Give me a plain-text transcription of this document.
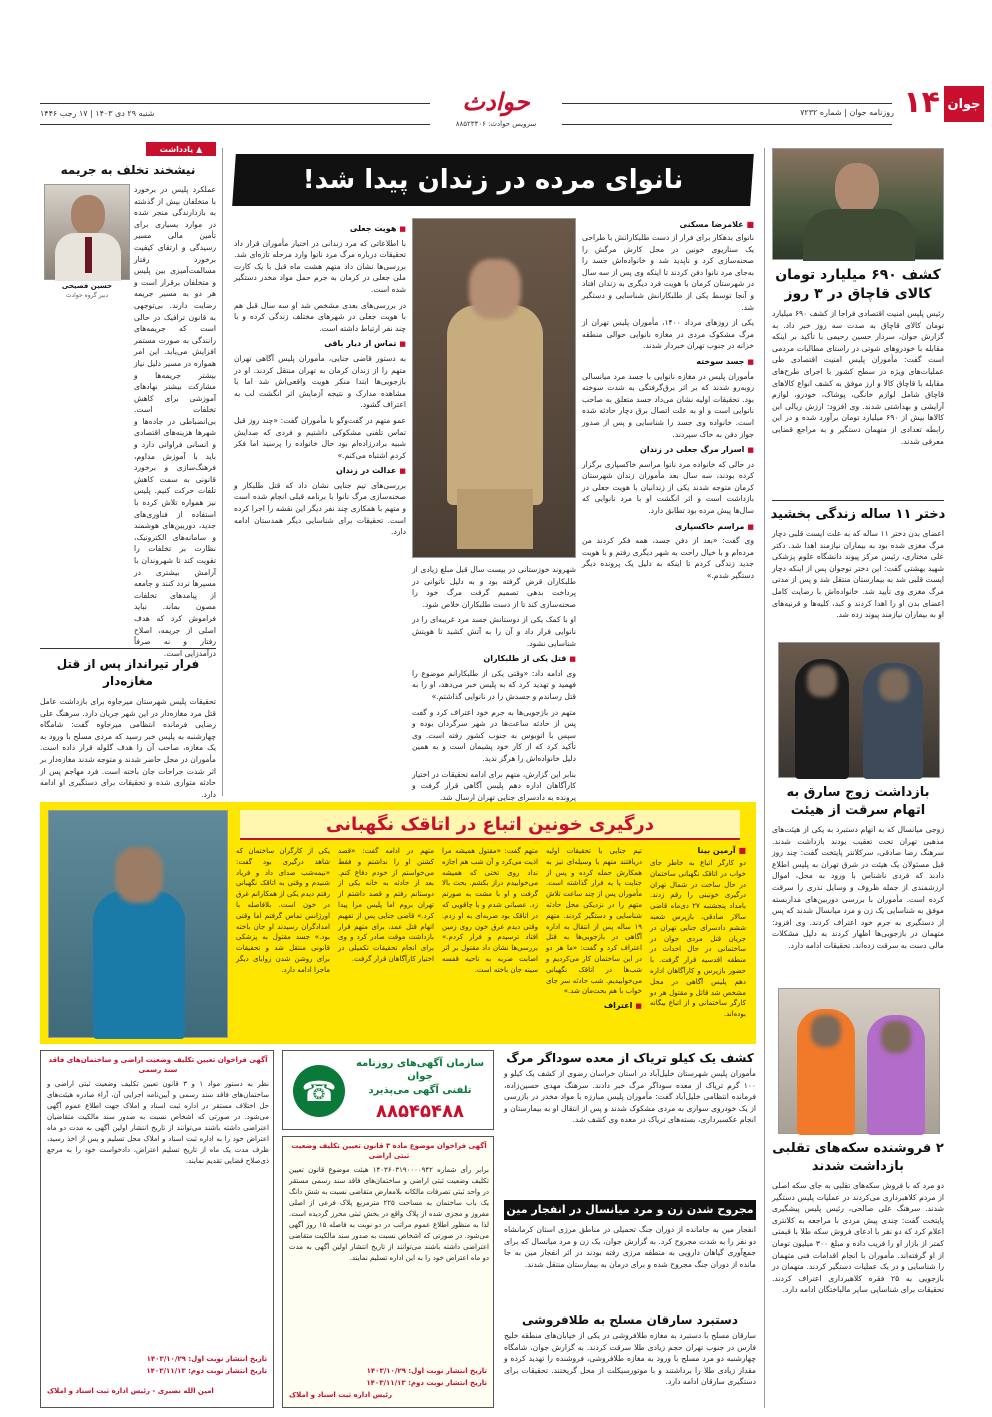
جوان
۱۴
روزنامه جوان | شماره ۷۲۳۲
حوادث
سرویس حوادث: ۸۸۵۲۳۴۰۶
شنبه ۲۹ دی ۱۴۰۳ | ۱۷ رجب ۱۴۴۶
کشف ۶۹۰ میلیارد تومان کالای قاچاق در ۳ روز
رئیس پلیس امنیت اقتصادی فراجا از کشف ۶۹۰ میلیارد تومان کالای قاچاق به صدت سه روز خبر داد. به گزارش جوان، سردار حسین رحیمی با تأکید بر اینکه مقابله با خودروهای شوتی در راستای مطالبات مردمی است گفت: مأموران پلیس امنیت اقتصادی طی عملیات‌های ویژه در سطح کشور با اجرای طرح‌های مقابله با قاچاق کالا و ارز موفق به کشف انواع کالاهای قاچاق شامل لوازم خانگی، پوشاک، خودرو، لوازم آرایشی و بهداشتی شدند. وی افزود: ارزش ریالی این کالاها بیش از ۶۹۰ میلیارد تومان برآورد شده و در این رابطه تعدادی از متهمان دستگیر و به مراجع قضایی معرفی شدند.
دختر ۱۱ ساله زندگی بخشید
اعضای بدن دختر ۱۱ ساله که به علت ایست قلبی دچار مرگ مغزی شده بود به بیماران نیازمند اهدا شد. دکتر علی مختاری، رئیس مرکز پیوند دانشگاه علوم پزشکی شهید بهشتی گفت: این دختر نوجوان پس از اینکه دچار ایست قلبی شد به بیمارستان منتقل شد و پس از مدتی مرگ مغزی وی تأیید شد. خانواده‌اش با رضایت کامل اعضای بدن او را اهدا کردند و کبد، کلیه‌ها و قرنیه‌های او به بیماران نیازمند پیوند زده شد.
بازداشت زوج سارق به اتهام سرقت از هیئت
زوجی میانسال که به اتهام دستبرد به یکی از هیئت‌های مذهبی تهران تحت تعقیب بودند بازداشت شدند. سرهنگ رضا صادقی، سرکلانتر پایتخت گفت: چند روز قبل مسئولان یک هیئت در شرق تهران به پلیس اطلاع دادند که فردی ناشناس با ورود به محل، اموال ارزشمندی از جمله ظروف و وسایل نذری را سرقت کرده است. مأموران با بررسی دوربین‌های مداربسته موفق به شناسایی یک زن و مرد میانسال شدند که پس از دستگیری به جرم خود اعتراف کردند. وی افزود: متهمان در بازجویی‌ها اظهار کردند به دلیل مشکلات مالی دست به سرقت زده‌اند. تحقیقات ادامه دارد.
۲ فروشنده سکه‌های تقلبی بازداشت شدند
دو مرد که با فروش سکه‌های تقلبی به جای سکه اصلی از مردم کلاهبرداری می‌کردند در عملیات پلیس دستگیر شدند. سرهنگ علی صالحی، رئیس پلیس پیشگیری پایتخت گفت: چندی پیش مردی با مراجعه به کلانتری اعلام کرد که دو نفر با ادعای فروش سکه طلا با قیمتی کمتر از بازار او را فریب داده و مبلغ ۳۰۰ میلیون تومان از او گرفته‌اند. مأموران با انجام اقدامات فنی متهمان را شناسایی و در یک عملیات دستگیر کردند. متهمان در بازجویی به ۲۵ فقره کلاهبرداری اعتراف کردند. تحقیقات برای شناسایی سایر مالباختگان ادامه دارد.
نانوای مرده در زندان پیدا شد!
■ غلامرضا مسکنی

نانوای بدهکار برای فرار از دست طلبکارانش با طراحی یک سناریوی خونین در محل کارش مرگش را صحنه‌سازی کرد و ناپدید شد و خانواده‌اش جسد را به‌جای مرد نانوا دفن کردند تا اینکه وی پس از سه سال در شهرستان کرمان با هویت فرد دیگری به زندان افتاد و آنجا توسط یکی از طلبکارانش شناسایی و دستگیر شد.

یکی از روزهای مرداد ۱۴۰۰، مأموران پلیس تهران از مرگ مشکوک مردی در مغازه نانوایی حوالی منطقه خزانه در جنوب تهران خبردار شدند.

■ جسد سوخته

مأموران پلیس در مغازه نانوایی با جسد مرد میانسالی روبه‌رو شدند که بر اثر برق‌گرفتگی به شدت سوخته بود. تحقیقات اولیه نشان می‌داد جسد متعلق به صاحب نانوایی است و او به علت اتصال برق دچار حادثه شده است. خانواده وی جسد را شناسایی و پس از صدور جواز دفن به خاک سپردند.

■ اسرار مرگ جعلی در زندان

در حالی که خانواده مرد نانوا مراسم خاکسپاری برگزار کرده بودند، سه سال بعد مأموران زندان شهرستان کرمان متوجه شدند یکی از زندانیان با هویت جعلی در بازداشت است و اثر انگشت او با مرد نانوایی که سال‌ها پیش مرده بود تطابق دارد.

■ مراسم خاکسپاری

وی گفت: «بعد از دفن جسد، همه فکر کردند من مرده‌ام و با خیال راحت به شهر دیگری رفتم و با هویت جدید زندگی کردم تا اینکه به دلیل یک پرونده دیگر دستگیر شدم.»

شهروند خوزستانی در بیست سال قبل مبلغ زیادی از طلبکاران قرض گرفته بود و به دلیل ناتوانی در پرداخت بدهی تصمیم گرفت مرگ خود را صحنه‌سازی کند تا از دست طلبکاران خلاص شود.

او با کمک یکی از دوستانش جسد مرد غریبه‌ای را در نانوایی قرار داد و آن را به آتش کشید تا هویتش شناسایی نشود.

■ قتل یکی از طلبکاران

وی ادامه داد: «وقتی یکی از طلبکارانم موضوع را فهمید و تهدید کرد که به پلیس خبر می‌دهد، او را به قتل رساندم و جسدش را در نانوایی گذاشتم.»

متهم در بازجویی‌ها به جرم خود اعتراف کرد و گفت پس از حادثه ساعت‌ها در شهر سرگردان بوده و سپس با اتوبوس به جنوب کشور رفته است. وی تأکید کرد که از کار خود پشیمان است و به همین دلیل خانواده‌اش را هرگز ندید.

بنابر این گزارش، متهم برای ادامه تحقیقات در اختیار کارآگاهان اداره دهم پلیس آگاهی قرار گرفت و پرونده به دادسرای جنایی تهران ارسال شد.

■ هویت جعلی

با اطلاعاتی که مرد زندانی در اختیار مأموران قرار داد تحقیقات درباره مرگ مرد نانوا وارد مرحله تازه‌ای شد. بررسی‌ها نشان داد متهم هشت ماه قبل با یک کارت ملی جعلی در کرمان به جرم حمل مواد مخدر دستگیر شده است.

در بررسی‌های بعدی مشخص شد او سه سال قبل هم با هویت جعلی در شهرهای مختلف زندگی کرده و با چند نفر ارتباط داشته است.

■ تماس از دیار باقی

به دستور قاضی جنایی، مأموران پلیس آگاهی تهران متهم را از زندان کرمان به تهران منتقل کردند. او در بازجویی‌ها ابتدا منکر هویت واقعی‌اش شد اما با مشاهده مدارک و نتیجه آزمایش اثر انگشت لب به اعتراف گشود.

عمو متهم در گفت‌وگو با مأموران گفت: «چند روز قبل تماس تلفنی مشکوکی داشتیم و فردی که صدایش شبیه برادرزاده‌ام بود حال خانواده را پرسید اما فکر کردم اشتباه می‌کنم.»

■ عدالت در زندان

بررسی‌های تیم جنایی نشان داد که قتل طلبکار و صحنه‌سازی مرگ نانوا با برنامه قبلی انجام شده است و متهم با همکاری چند نفر دیگر این نقشه را اجرا کرده است. تحقیقات برای شناسایی دیگر همدستان ادامه دارد.

▲
یادداشت
نیشخند تخلف به جریمه
حسین فصیحی
دبیر گروه حوادث
عملکرد پلیس در برخورد با متخلفان بیش از گذشته به بازدارندگی منجر شده در موارد بسیاری برای تأمین مالی مسیر رسیدگی و ارتقای کیفیت برخورد رفتار مسالمت‌آمیزی بین پلیس و متخلفان برقرار است و هر دو به مسیر جریمه رضایت دارند. بی‌توجهی به قانون ترافیک در حالی است که جریمه‌های رانندگی به صورت مستمر افزایش می‌یابد. این امر همواره در مسیر دلیل نیاز بیشتر جریمه‌ها و مشارکت بیشتر نهادهای آموزشی برای کاهش تخلفات است. بی‌انضباطی در جاده‌ها و شهرها هزینه‌های اقتصادی و انسانی فراوانی دارد و باید با آموزش مداوم، فرهنگ‌سازی و برخورد قانونی به سمت کاهش تلفات حرکت کنیم. پلیس نیز همواره تلاش کرده با استفاده از فناوری‌های جدید، دوربین‌های هوشمند و سامانه‌های الکترونیک، نظارت بر تخلفات را تقویت کند تا شهروندان با آرامش بیشتری در مسیرها تردد کنند و جامعه از پیامدهای تخلفات مصون بماند. نباید فراموش کرد که هدف اصلی از جریمه، اصلاح رفتار و نه صرفاً درآمدزایی است.
فرار تیرانداز پس از قتل مغازه‌دار
تحقیقات پلیس شهرستان میرجاوه برای بازداشت عامل قتل مرد مغازه‌دار در این شهر جریان دارد. سرهنگ علی رضایی فرمانده انتظامی میرجاوه گفت: شامگاه چهارشنبه به پلیس خبر رسید که مردی مسلح با ورود به یک مغازه، صاحب آن را هدف گلوله قرار داده است. مأموران در محل حاضر شدند و متوجه شدند مغازه‌دار بر اثر شدت جراحات جان باخته است. فرد مهاجم پس از حادثه متواری شده و تحقیقات برای دستگیری او ادامه دارد.
درگیری خونین اتباع در اتاقک نگهبانی
■ آرمین بینا
دو کارگر اتباع به خاطر جای خواب در اتاقک نگهبانی ساختمان در حال ساخت در شمال تهران درگیری خونینی را رقم زدند. بامداد پنجشنبه ۲۷ دی‌ماه قاضی سالار صادقی، بازپرس شعبه ششم دادسرای جنایی تهران در جریان قتل مردی جوان در ساختمانی در حال احداث در منطقه اقدسیه قرار گرفت. با حضور بازپرس و کارآگاهان اداره دهم پلیس آگاهی در محل مشخص شد قاتل و مقتول هر دو کارگر ساختمانی و از اتباع بیگانه بوده‌اند.

تیم جنایی با تحقیقات اولیه دریافتند متهم با وسیله‌ای تیز به همکارش حمله کرده و پس از جنایت پا به فرار گذاشته است. مأموران پس از چند ساعت تلاش متهم را در نزدیکی محل حادثه شناسایی و دستگیر کردند. متهم ۱۹ ساله پس از انتقال به اداره آگاهی در بازجویی‌ها به قتل اعتراف کرد و گفت: «ما هر دو در این ساختمان کار می‌کردیم و شب‌ها در اتاقک نگهبانی می‌خوابیدیم. شب حادثه سر جای خواب با هم بحث‌مان شد.»

■ اعتراف
متهم گفت: «مقتول همیشه مرا اذیت می‌کرد و آن شب هم اجازه نداد روی تختی که همیشه می‌خوابیدم دراز بکشم. بحث بالا گرفت و او با مشت به صورتم زد. عصبانی شدم و با چاقویی که در اتاقک بود ضربه‌ای به او زدم. وقتی دیدم غرق خون روی زمین افتاد ترسیدم و فرار کردم.» بررسی‌ها نشان داد مقتول بر اثر اصابت ضربه به ناحیه قفسه سینه جان باخته است.
متهم در ادامه گفت: «قصد کشتن او را نداشتم و فقط می‌خواستم از خودم دفاع کنم. بعد از حادثه به خانه یکی از دوستانم رفتم و قصد داشتم از تهران بروم اما پلیس مرا پیدا کرد.» قاضی جنایی پس از تفهیم اتهام قتل عمد، برای متهم قرار بازداشت موقت صادر کرد و وی برای انجام تحقیقات تکمیلی در اختیار کارآگاهان قرار گرفت.
یکی از کارگران ساختمان که شاهد درگیری بود گفت: «نیمه‌شب صدای داد و فریاد شنیدم و وقتی به اتاقک نگهبانی رفتم دیدم یکی از همکارانم غرق در خون است. بلافاصله با اورژانس تماس گرفتم اما وقتی امدادگران رسیدند او جان باخته بود.» جسد مقتول به پزشکی قانونی منتقل شد و تحقیقات برای روشن شدن زوایای دیگر ماجرا ادامه دارد.
کشف یک کیلو تریاک از معده سوداگر مرگ
مأموران پلیس شهرستان خلیل‌آباد در استان خراسان رضوی از کشف یک کیلو و ۱۰۰ گرم تریاک از معده سوداگر مرگ خبر دادند. سرهنگ مهدی حسین‌زاده، فرمانده انتظامی خلیل‌آباد گفت: مأموران پلیس مبارزه با مواد مخدر در بازرسی از یک خودروی سواری به مردی مشکوک شدند و پس از انتقال او به بیمارستان و انجام عکسبرداری، بسته‌های تریاک در معده وی کشف شد.
مجروح شدن زن و مرد میانسال در انفجار مین
انفجار مین به جامانده از دوران جنگ تحمیلی در مناطق مرزی استان کرمانشاه دو نفر را به شدت مجروح کرد. به گزارش جوان، یک زن و مرد میانسال که برای جمع‌آوری گیاهان دارویی به منطقه مرزی رفته بودند در اثر انفجار مین به جا مانده از دوران جنگ مجروح شده و برای درمان به بیمارستان منتقل شدند.
دستبرد سارقان مسلح به طلافروشی
سارقان مسلح با دستبرد به مغازه طلافروشی در یکی از خیابان‌های منطقه خلیج فارس در جنوب تهران حجم زیادی طلا سرقت کردند. به گزارش جوان، شامگاه چهارشنبه دو مرد مسلح با ورود به مغازه طلافروشی، فروشنده را تهدید کرده و مقدار زیادی طلا را برداشتند و با موتورسیکلت از محل گریختند. تحقیقات برای دستگیری سارقان ادامه دارد.
سازمان آگهی‌های روزنامه جوان
تلفنی آگهی می‌پذیرد
۸۸۵۴۵۴۸۸
☎
آگهی فراخوان موضوع ماده ۳ قانون تعیین تکلیف وضعیت ثبتی اراضی
برابر رأی شماره ۱۴۰۳۶۰۳۱۹۰۰۰۰۹۴۲ هیئت موضوع قانون تعیین تکلیف وضعیت ثبتی اراضی و ساختمان‌های فاقد سند رسمی مستقر در واحد ثبتی تصرفات مالکانه بلامعارض متقاضی نسبت به شش دانگ یک باب ساختمان به مساحت ۲۲۵ مترمربع پلاک فرعی از اصلی مفروز و مجزی شده از پلاک واقع در بخش ثبتی محرز گردیده است. لذا به منظور اطلاع عموم مراتب در دو نوبت به فاصله ۱۵ روز آگهی می‌شود. در صورتی که اشخاص نسبت به صدور سند مالکیت متقاضی اعتراضی داشته باشند می‌توانند از تاریخ انتشار اولین آگهی به مدت دو ماه اعتراض خود را به این اداره تسلیم نمایند.
تاریخ انتشار نوبت اول: ۱۴۰۳/۱۰/۲۹
تاریخ انتشار نوبت دوم: ۱۴۰۳/۱۱/۱۳
رئیس اداره ثبت اسناد و املاک
آگهی فراخوان تعیین تکلیف وضعیت اراضی و ساختمان‌های فاقد سند رسمی
نظر به دستور مواد ۱ و ۳ قانون تعیین تکلیف وضعیت ثبتی اراضی و ساختمان‌های فاقد سند رسمی و آیین‌نامه اجرایی آن، آراء صادره هیئت‌های حل اختلاف مستقر در اداره ثبت اسناد و املاک جهت اطلاع عموم آگهی می‌شود. در صورتی که اشخاص نسبت به صدور سند مالکیت متقاضیان اعتراضی داشته باشند می‌توانند از تاریخ انتشار اولین آگهی به مدت دو ماه اعتراض خود را به اداره ثبت اسناد و املاک محل تسلیم و پس از اخذ رسید، ظرف مدت یک ماه از تاریخ تسلیم اعتراض، دادخواست خود را به مرجع ذی‌صلاح قضایی تقدیم نمایند.
تاریخ انتشار نوبت اول: ۱۴۰۳/۱۰/۲۹
تاریخ انتشار نوبت دوم: ۱۴۰۳/۱۱/۱۳
امین الله نصیری - رئیس اداره ثبت اسناد و املاک
